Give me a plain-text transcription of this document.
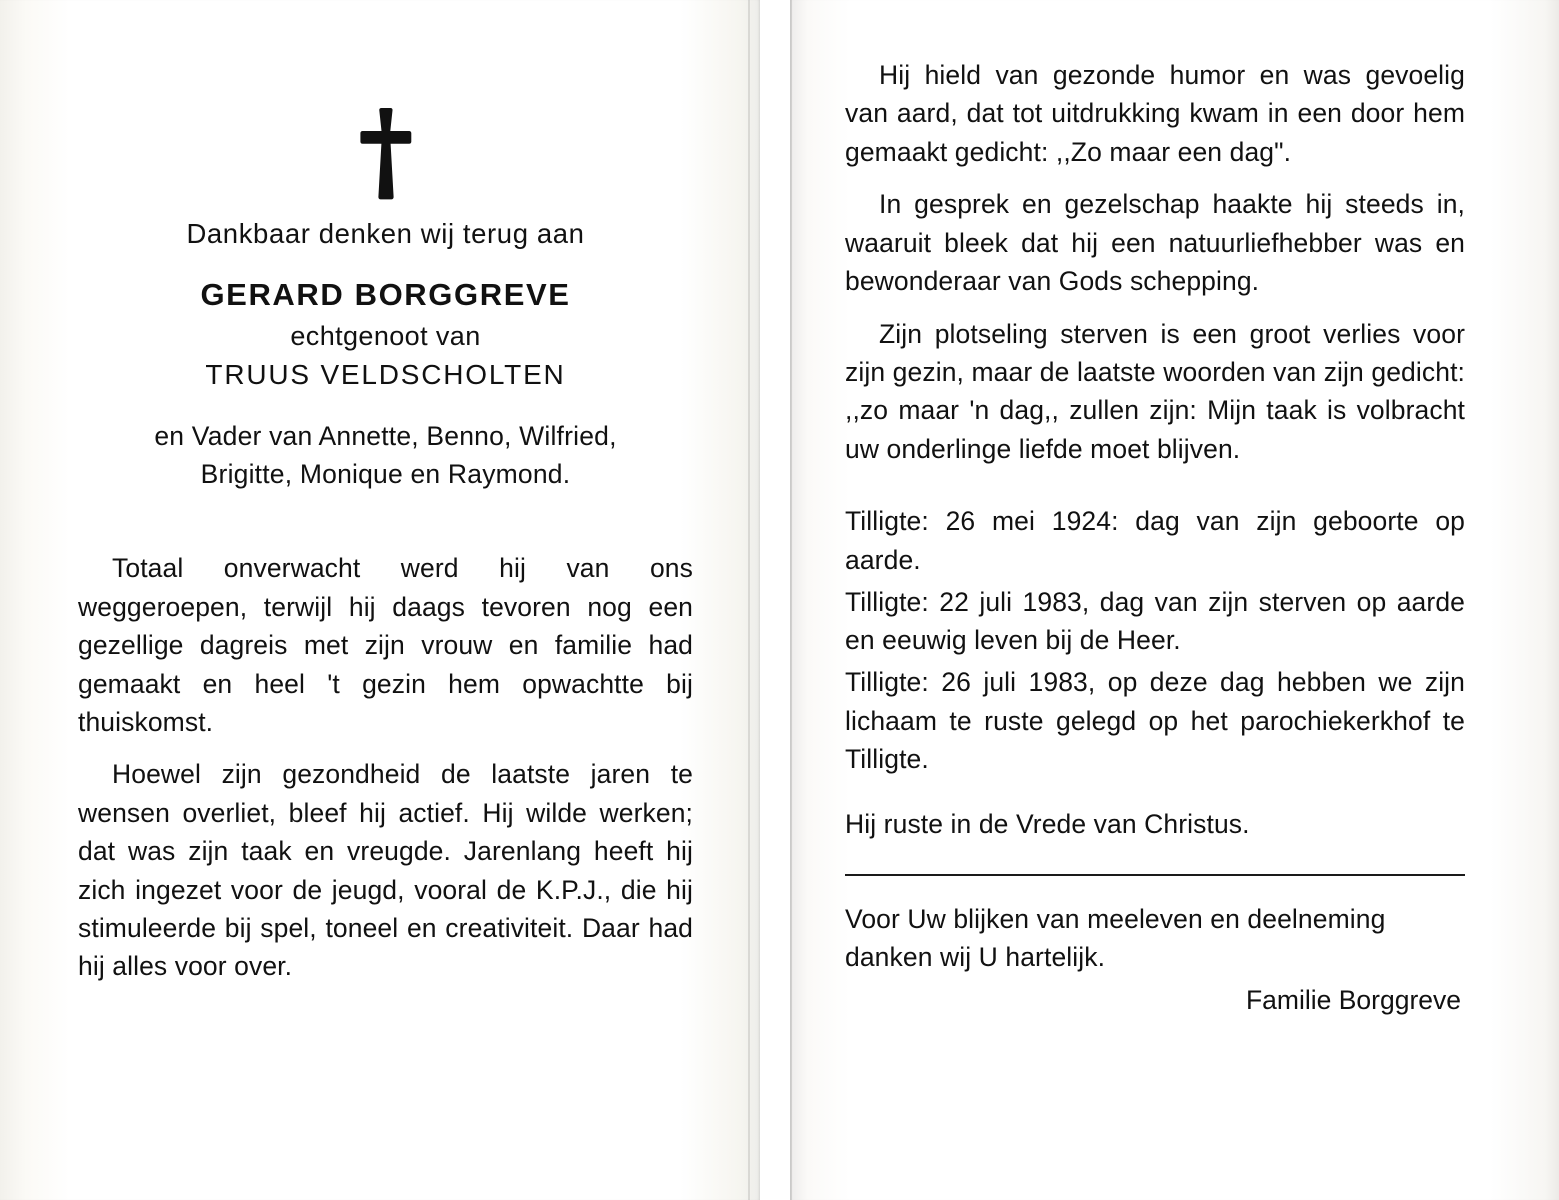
Dankbaar denken wij terug aan
GERARD BORGGREVE
echtgenoot van
TRUUS VELDSCHOLTEN
en Vader van Annette, Benno, Wilfried,
Brigitte, Monique en Raymond.

Totaal onverwacht werd hij van ons weggeroepen, terwijl hij daags tevoren nog een gezellige dagreis met zijn vrouw en familie had gemaakt en heel 't gezin hem opwachtte bij thuiskomst.

Hoewel zijn gezondheid de laatste jaren te wensen overliet, bleef hij actief. Hij wilde werken; dat was zijn taak en vreugde. Jarenlang heeft hij zich ingezet voor de jeugd, vooral de K.P.J., die hij stimuleerde bij spel, toneel en creativiteit. Daar had hij alles voor over.

Hij hield van gezonde humor en was gevoelig van aard, dat tot uitdrukking kwam in een door hem gemaakt gedicht: ,,Zo maar een dag".

In gesprek en gezelschap haakte hij steeds in, waaruit bleek dat hij een natuurliefhebber was en bewonderaar van Gods schepping.

Zijn plotseling sterven is een groot verlies voor zijn gezin, maar de laatste woorden van zijn gedicht: ,,zo maar 'n dag,, zullen zijn: Mijn taak is volbracht uw onderlinge liefde moet blijven.

Tilligte: 26 mei 1924: dag van zijn geboorte op aarde.
Tilligte: 22 juli 1983, dag van zijn sterven op aarde en eeuwig leven bij de Heer.
Tilligte: 26 juli 1983, op deze dag hebben we zijn lichaam te ruste gelegd op het parochiekerkhof te Tilligte.
Hij ruste in de Vrede van Christus.
Voor Uw blijken van meeleven en deelneming danken wij U hartelijk.
Familie Borggreve
